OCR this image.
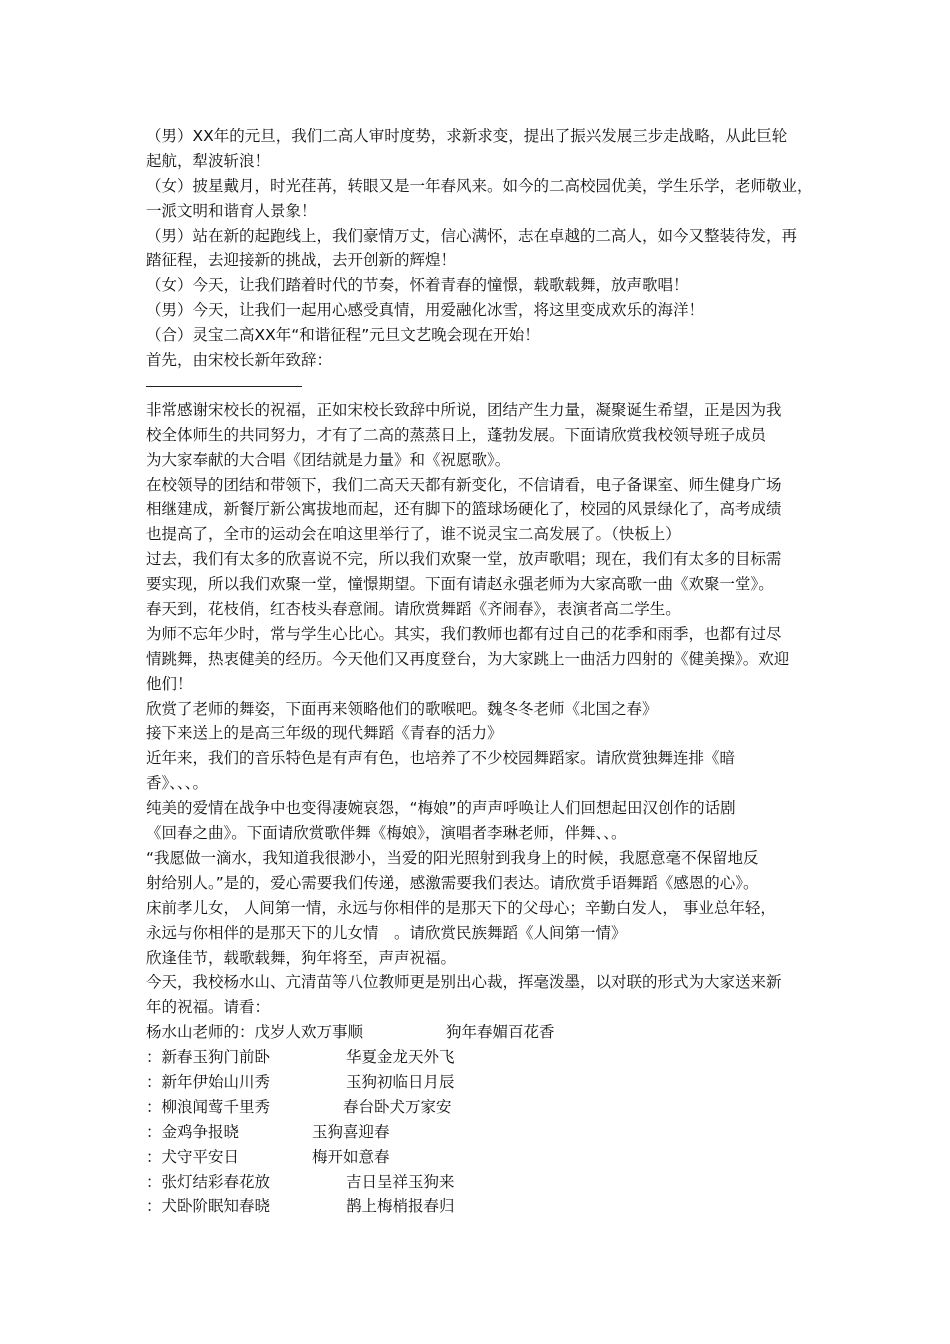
（男）XX年的元旦，我们二高人审时度势，求新求变，提出了振兴发展三步走战略，从此巨轮
起航，犁波斩浪！
（女）披星戴月，时光荏苒，转眼又是一年春风来。如今的二高校园优美，学生乐学，老师敬业，
一派文明和谐育人景象！
（男）站在新的起跑线上，我们豪情万丈，信心满怀，志在卓越的二高人，如今又整装待发，再
踏征程，去迎接新的挑战，去开创新的辉煌！
（女）今天，让我们踏着时代的节奏，怀着青春的憧憬，载歌载舞，放声歌唱！
（男）今天，让我们一起用心感受真情，用爱融化冰雪，将这里变成欢乐的海洋！
（合）灵宝二高XX年“和谐征程”元旦文艺晚会现在开始！
首先，由宋校长新年致辞：
非常感谢宋校长的祝福，正如宋校长致辞中所说，团结产生力量，凝聚诞生希望，正是因为我
校全体师生的共同努力，才有了二高的蒸蒸日上，蓬勃发展。下面请欣赏我校领导班子成员
为大家奉献的大合唱《团结就是力量》和《祝愿歌》。
在校领导的团结和带领下，我们二高天天都有新变化，不信请看，电子备课室、师生健身广场
相继建成，新餐厅新公寓拔地而起，还有脚下的篮球场硬化了，校园的风景绿化了，高考成绩
也提高了，全市的运动会在咱这里举行了，谁不说灵宝二高发展了。（快板上）
过去，我们有太多的欣喜说不完，所以我们欢聚一堂，放声歌唱；现在，我们有太多的目标需
要实现，所以我们欢聚一堂，憧憬期望。下面有请赵永强老师为大家高歌一曲《欢聚一堂》。
春天到，花枝俏，红杏枝头春意闹。请欣赏舞蹈《齐闹春》，表演者高二学生。
为师不忘年少时，常与学生心比心。其实，我们教师也都有过自己的花季和雨季，也都有过尽
情跳舞，热衷健美的经历。今天他们又再度登台，为大家跳上一曲活力四射的《健美操》。欢迎
他们！
欣赏了老师的舞姿，下面再来领略他们的歌喉吧。魏冬冬老师《北国之春》
接下来送上的是高三年级的现代舞蹈《青春的活力》
近年来，我们的音乐特色是有声有色，也培养了不少校园舞蹈家。请欣赏独舞连排《暗
香》、、、。
纯美的爱情在战争中也变得凄婉哀怨，“梅娘”的声声呼唤让人们回想起田汉创作的话剧
《回春之曲》。下面请欣赏歌伴舞《梅娘》，演唱者李琳老师，伴舞、、。
“我愿做一滴水，我知道我很渺小，当爱的阳光照射到我身上的时候，我愿意毫不保留地反
射给别人。”是的，爱心需要我们传递，感激需要我们表达。请欣赏手语舞蹈《感恩的心》。
床前孝儿女， 人间第一情，永远与你相伴的是那天下的父母心；辛勤白发人， 事业总年轻，
永远与你相伴的是那天下的儿女情　。请欣赏民族舞蹈《人间第一情》
欣逢佳节，载歌载舞，狗年将至，声声祝福。
今天，我校杨水山、亢清苗等八位教师更是别出心裁，挥毫泼墨，以对联的形式为大家送来新
年的祝福。请看：
杨水山老师的：戊岁人欢万事顺	狗年春媚百花香
：新春玉狗门前卧	华夏金龙天外飞
：新年伊始山川秀	玉狗初临日月辰
：柳浪闻莺千里秀	春台卧犬万家安
：金鸡争报晓	玉狗喜迎春
：犬守平安日	梅开如意春
：张灯结彩春花放	吉日呈祥玉狗来
：犬卧阶眠知春晓	鹊上梅梢报春归
